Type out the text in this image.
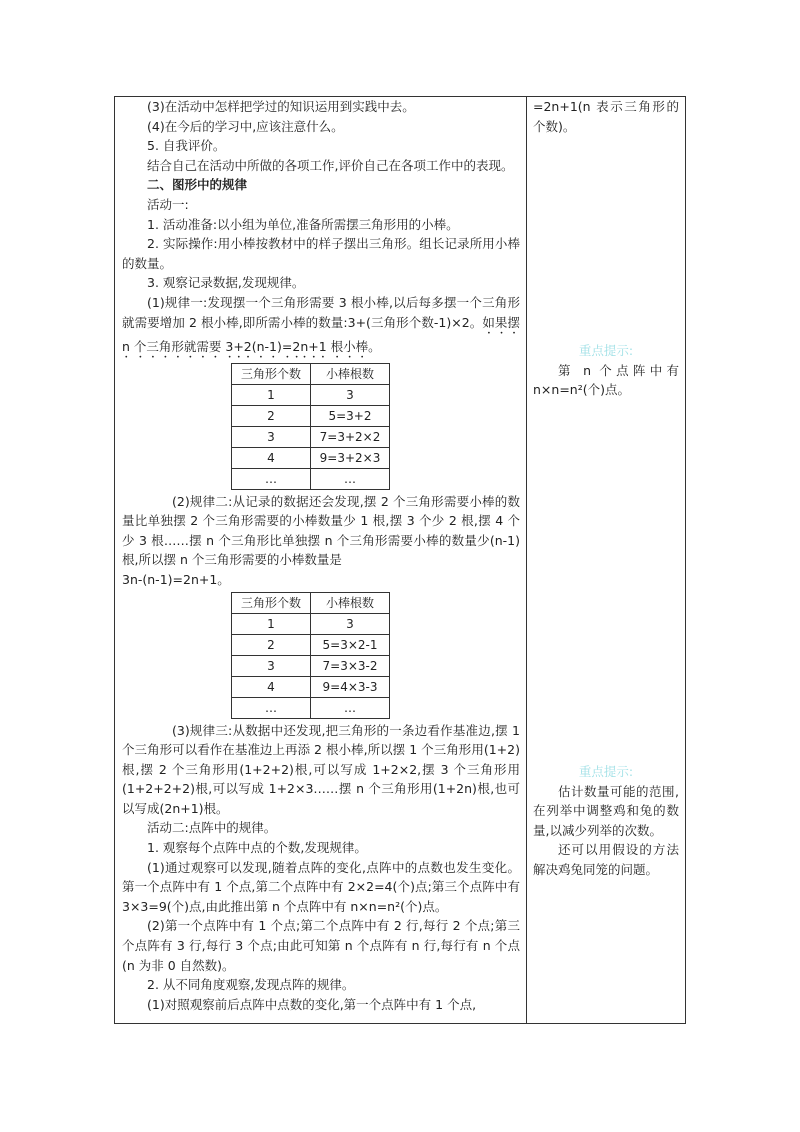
(3)在活动中怎样把学过的知识运用到实践中去。

(4)在今后的学习中,应该注意什么。

5. 自我评价。

结合自己在活动中所做的各项工作,评价自己在各项工作中的表现。

二、图形中的规律

活动一:

1. 活动准备:以小组为单位,准备所需摆三角形用的小棒。

2. 实际操作:用小棒按教材中的样子摆出三角形。组长记录所用小棒的数量。

3. 观察记录数据,发现规律。

(1)规律一:发现摆一个三角形需要 3 根小棒,以后每多摆一个三角形就需要增加 2 根小棒,即所需小棒的数量:3+(三角形个数-1)×2。如果摆 n 个三角形就需要 3+2(n-1)=2n+1 根小棒。

三角形个数	小棒根数
1	3
2	5=3+2
3	7=3+2×2
4	9=3+2×3
…	…

(2)规律二:从记录的数据还会发现,摆 2 个三角形需要小棒的数量比单独摆 2 个三角形需要的小棒数量少 1 根,摆 3 个少 2 根,摆 4 个少 3 根……摆 n 个三角形比单独摆 n 个三角形需要小棒的数量少(n-1)根,所以摆 n 个三角形需要的小棒数量是

3n-(n-1)=2n+1。

三角形个数	小棒根数
1	3
2	5=3×2-1
3	7=3×3-2
4	9=4×3-3
…	…

(3)规律三:从数据中还发现,把三角形的一条边看作基准边,摆 1 个三角形可以看作在基准边上再添 2 根小棒,所以摆 1 个三角形用(1+2)根,摆 2 个三角形用(1+2+2)根,可以写成 1+2×2,摆 3 个三角形用(1+2+2+2)根,可以写成 1+2×3……摆 n 个三角形用(1+2n)根,也可以写成(2n+1)根。

活动二:点阵中的规律。

1. 观察每个点阵中点的个数,发现规律。

(1)通过观察可以发现,随着点阵的变化,点阵中的点数也发生变化。第一个点阵中有 1 个点,第二个点阵中有 2×2=4(个)点;第三个点阵中有 3×3=9(个)点,由此推出第 n 个点阵中有 n×n=n²(个)点。

(2)第一个点阵中有 1 个点;第二个点阵中有 2 行,每行 2 个点;第三个点阵有 3 行,每行 3 个点;由此可知第 n 个点阵有 n 行,每行有 n 个点(n 为非 0 自然数)。

2. 从不同角度观察,发现点阵的规律。

(1)对照观察前后点阵中点数的变化,第一个点阵中有 1 个点,

=2n+1(n 表示三角形的个数)。

重点提示:

第 n 个点阵中有 n×n=n²(个)点。

重点提示:

估计数量可能的范围,在列举中调整鸡和兔的数量,以减少列举的次数。

还可以用假设的方法解决鸡兔同笼的问题。
